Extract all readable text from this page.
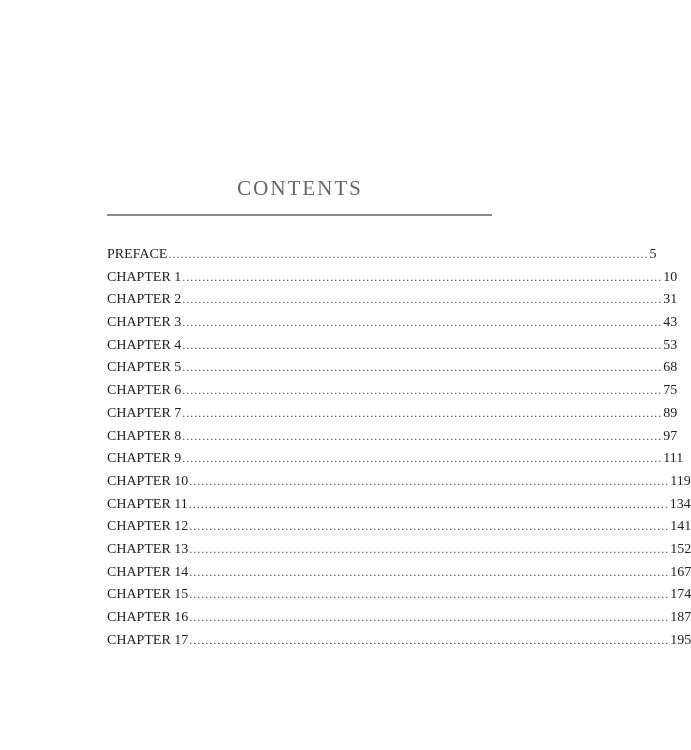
CONTENTS
PREFACE ........................................................................................................................ 5
CHAPTER 1 ........................................................................................................................ 10
CHAPTER 2 ........................................................................................................................ 31
CHAPTER 3 ........................................................................................................................ 43
CHAPTER 4 ........................................................................................................................ 53
CHAPTER 5 ........................................................................................................................ 68
CHAPTER 6 ........................................................................................................................ 75
CHAPTER 7 ........................................................................................................................ 89
CHAPTER 8 ........................................................................................................................ 97
CHAPTER 9 ........................................................................................................................ 111
CHAPTER 10 ........................................................................................................................ 119
CHAPTER 11 ........................................................................................................................ 134
CHAPTER 12 ........................................................................................................................ 141
CHAPTER 13 ........................................................................................................................ 152
CHAPTER 14 ........................................................................................................................ 167
CHAPTER 15 ........................................................................................................................ 174
CHAPTER 16 ........................................................................................................................ 187
CHAPTER 17 ........................................................................................................................ 195
